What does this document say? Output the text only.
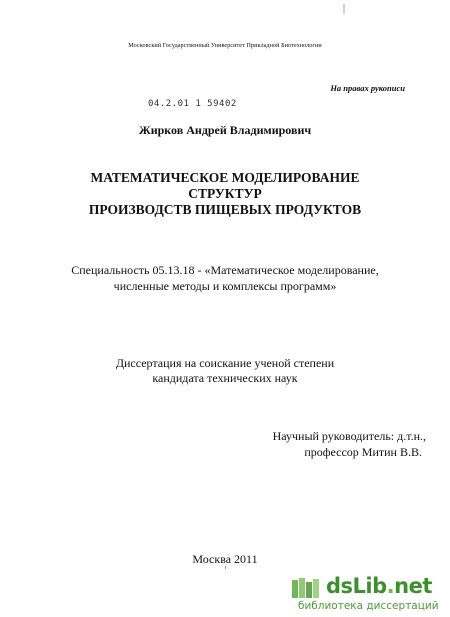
Московский Государственный Университет Прикладной Биотехнологии
На правах рукописи
04.2.01 1 59402
Жирков Андрей Владимирович
МАТЕМАТИЧЕСКОЕ МОДЕЛИРОВАНИЕ
СТРУКТУР
ПРОИЗВОДСТВ ПИЩЕВЫХ ПРОДУКТОВ
Специальность 05.13.18 - «Математическое моделирование,
численные методы и комплексы программ»
Диссертация на соискание ученой степени
кандидата технических наук
Научный руководитель: д.т.н.,
профессор Митин В.В.
Москва 2011
dsLib.net
библиотека диссертаций
